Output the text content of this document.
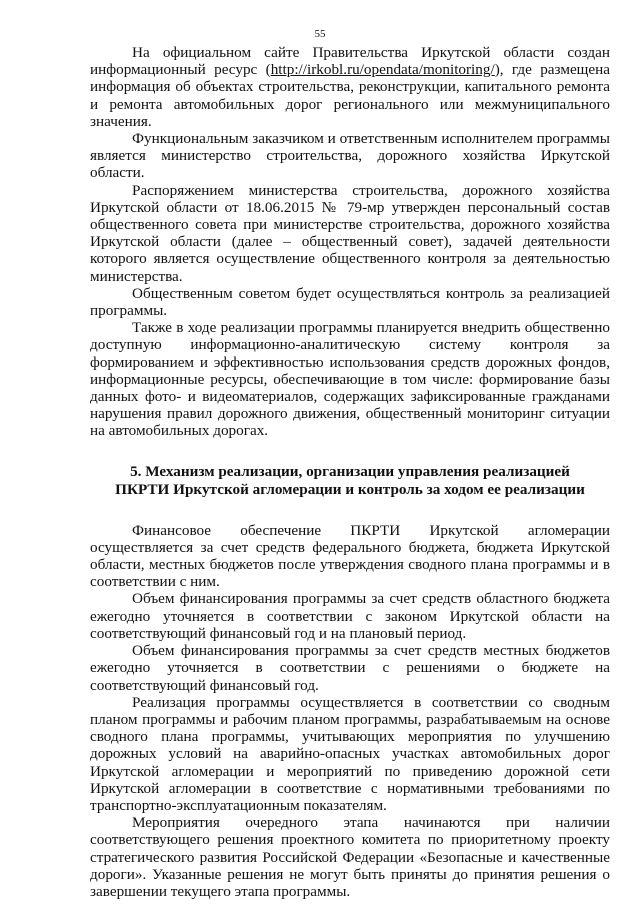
55

На официальном сайте Правительства Иркутской области создан информационный ресурс (http://irkobl.ru/opendata/monitoring/), где размещена информация об объектах строительства, реконструкции, капитального ремонта и ремонта автомобильных дорог регионального или межмуниципального значения.

Функциональным заказчиком и ответственным исполнителем программы является министерство строительства, дорожного хозяйства Иркутской области.

Распоряжением министерства строительства, дорожного хозяйства Иркутской области от 18.06.2015 № 79-мр утвержден персональный состав общественного совета при министерстве строительства, дорожного хозяйства Иркутской области (далее – общественный совет), задачей деятельности которого является осуществление общественного контроля за деятельностью министерства.

Общественным советом будет осуществляться контроль за реализацией программы.

Также в ходе реализации программы планируется внедрить общественно доступную информационно-аналитическую систему контроля за формированием и эффективностью использования средств дорожных фондов, информационные ресурсы, обеспечивающие в том числе: формирование базы данных фото- и видеоматериалов, содержащих зафиксированные гражданами нарушения правил дорожного движения, общественный мониторинг ситуации на автомобильных дорогах.

5. Механизм реализации, организации управления реализацией
ПКРТИ Иркутской агломерации и контроль за ходом ее реализации

Финансовое обеспечение ПКРТИ Иркутской агломерации осуществляется за счет средств федерального бюджета, бюджета Иркутской области, местных бюджетов после утверждения сводного плана программы и в соответствии с ним.

Объем финансирования программы за счет средств областного бюджета ежегодно уточняется в соответствии с законом Иркутской области на соответствующий финансовый год и на плановый период.

Объем финансирования программы за счет средств местных бюджетов ежегодно уточняется в соответствии с решениями о бюджете на соответствующий финансовый год.

Реализация программы осуществляется в соответствии со сводным планом программы и рабочим планом программы, разрабатываемым на основе сводного плана программы, учитывающих мероприятия по улучшению дорожных условий на аварийно-опасных участках автомобильных дорог Иркутской агломерации и мероприятий по приведению дорожной сети Иркутской агломерации в соответствие с нормативными требованиями по транспортно-эксплуатационным показателям.

Мероприятия очередного этапа начинаются при наличии соответствующего решения проектного комитета по приоритетному проекту стратегического развития Российской Федерации «Безопасные и качественные дороги». Указанные решения не могут быть приняты до принятия решения о завершении текущего этапа программы.
